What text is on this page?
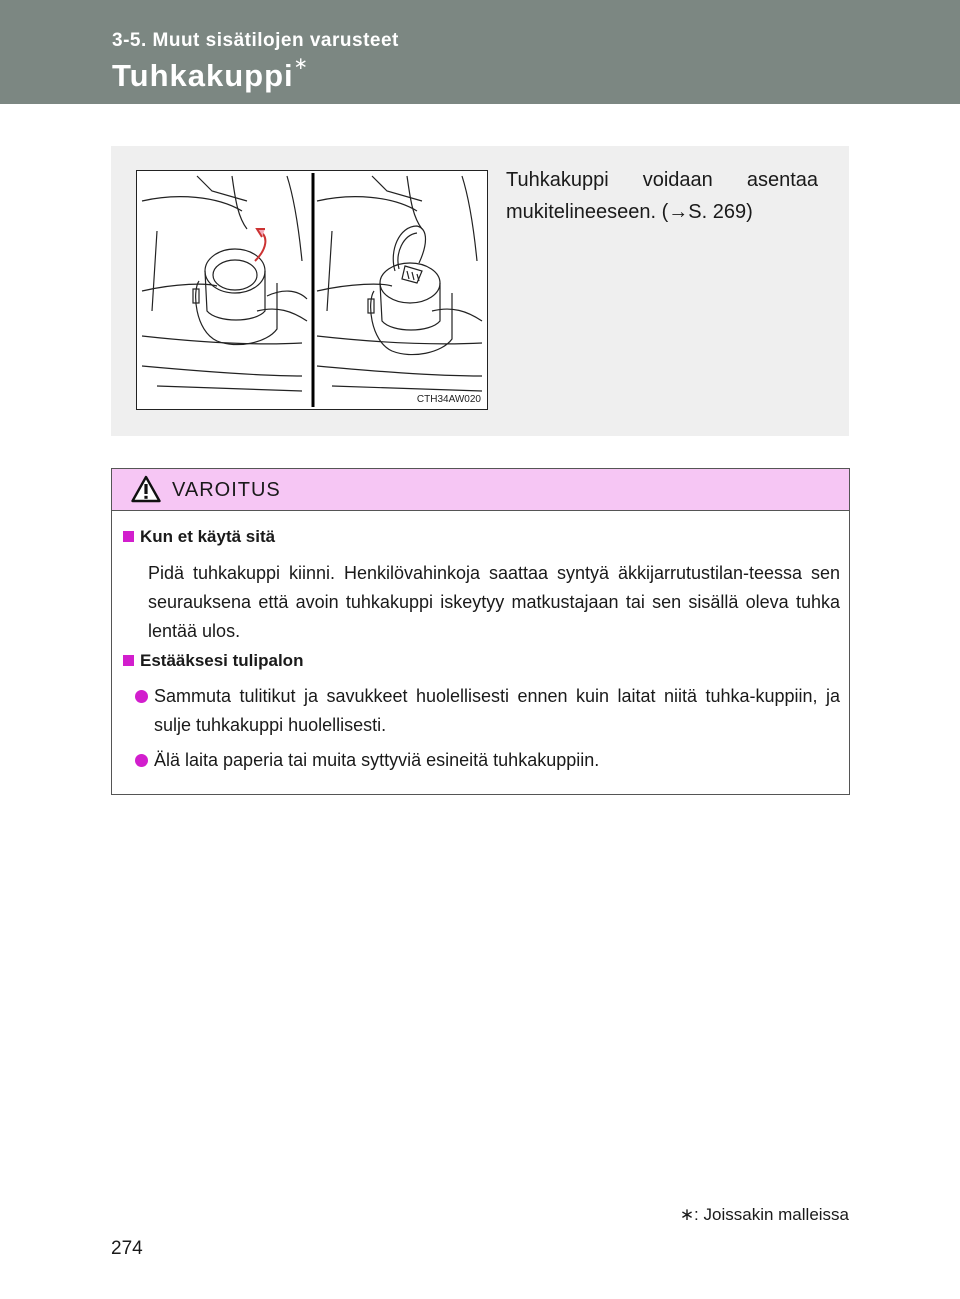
3-5. Muut sisätilojen varusteet
Tuhkakuppi∗
CTH34AW020
Tuhkakuppi voidaan asentaa
mukitelineeseen. (→S. 269)
VAROITUS
Kun et käytä sitä
Pidä tuhkakuppi kiinni. Henkilövahinkoja saattaa syntyä äkkijarrutustilan-teessa sen seurauksena että avoin tuhkakuppi iskeytyy matkustajaan tai sen sisällä oleva tuhka lentää ulos.
Estääksesi tulipalon
Sammuta tulitikut ja savukkeet huolellisesti ennen kuin laitat niitä tuhka-kuppiin, ja sulje tuhkakuppi huolellisesti.
Älä laita paperia tai muita syttyviä esineitä tuhkakuppiin.
∗: Joissakin malleissa
274
